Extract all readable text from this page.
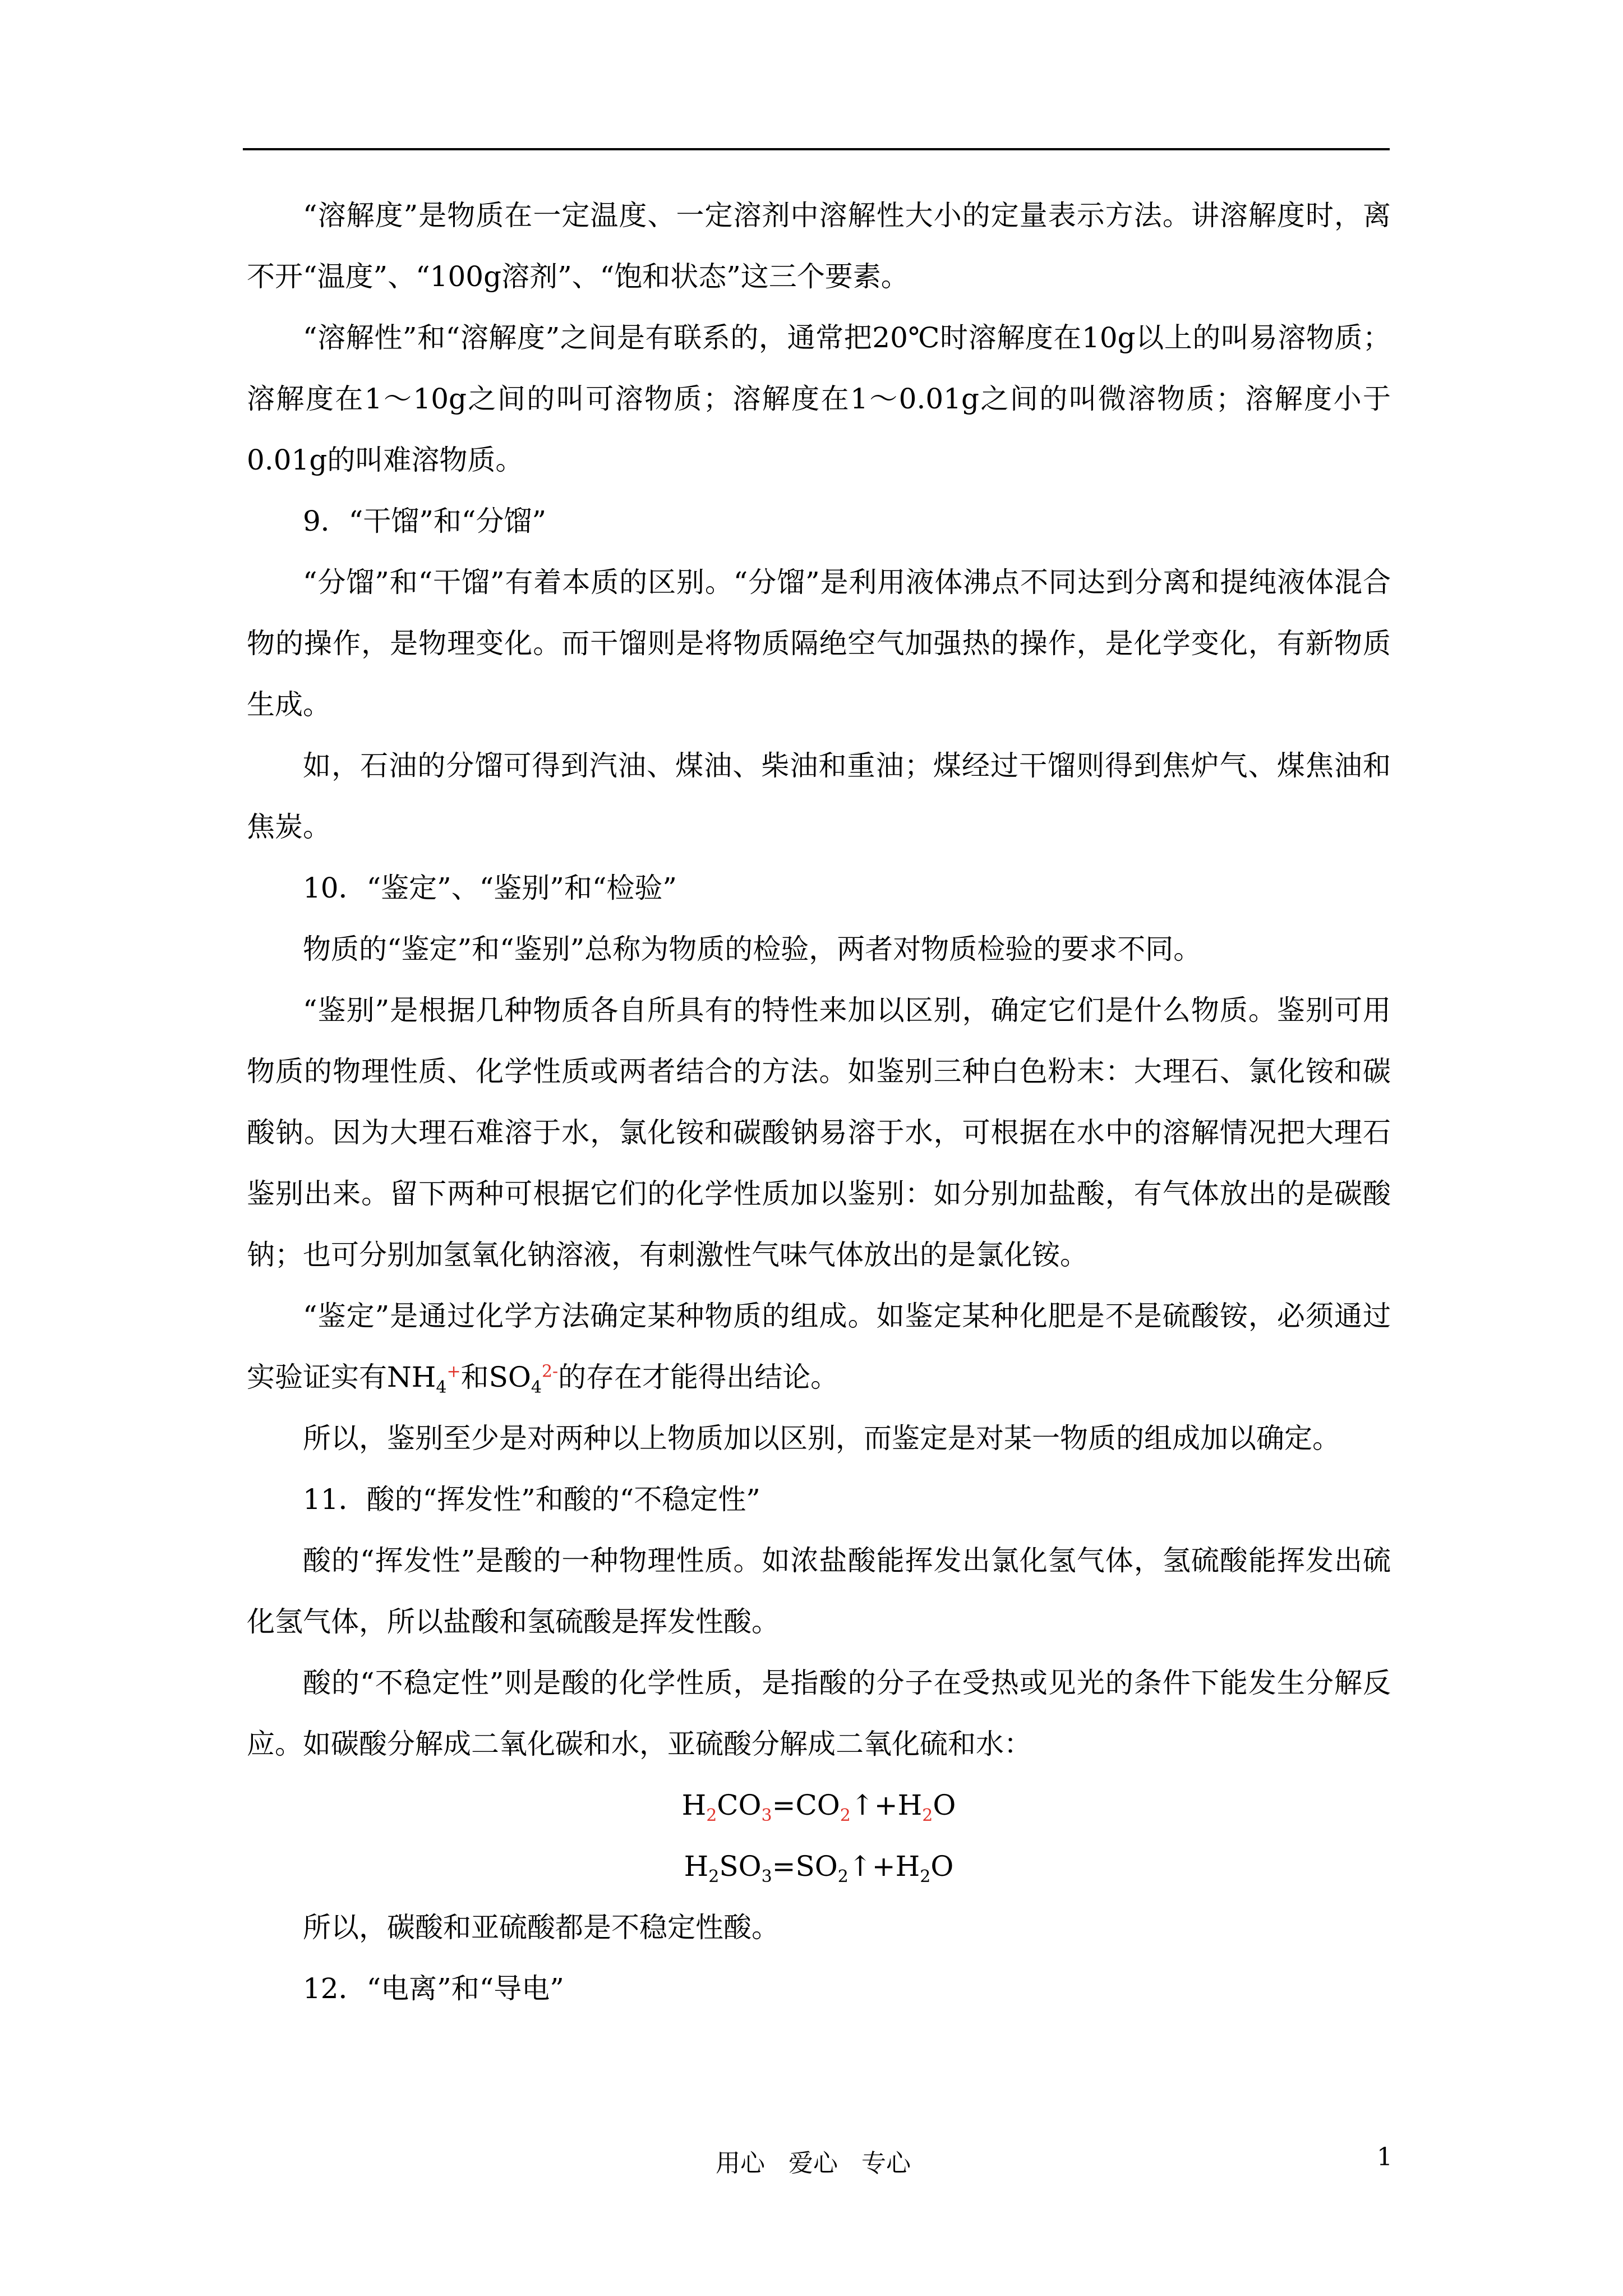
“溶解度”是物质在一定温度、一定溶剂中溶解性大小的定量表示方法。讲溶解度时，离不开“温度”、“100g溶剂”、“饱和状态”这三个要素。

“溶解性”和“溶解度”之间是有联系的，通常把20℃时溶解度在10g以上的叫易溶物质；溶解度在1～10g之间的叫可溶物质；溶解度在1～0.01g之间的叫微溶物质；溶解度小于0.01g的叫难溶物质。

9．“干馏”和“分馏”

“分馏”和“干馏”有着本质的区别。“分馏”是利用液体沸点不同达到分离和提纯液体混合物的操作，是物理变化。而干馏则是将物质隔绝空气加强热的操作，是化学变化，有新物质生成。

如，石油的分馏可得到汽油、煤油、柴油和重油；煤经过干馏则得到焦炉气、煤焦油和焦炭。

10．“鉴定”、“鉴别”和“检验”

物质的“鉴定”和“鉴别”总称为物质的检验，两者对物质检验的要求不同。

“鉴别”是根据几种物质各自所具有的特性来加以区别，确定它们是什么物质。鉴别可用物质的物理性质、化学性质或两者结合的方法。如鉴别三种白色粉末：大理石、氯化铵和碳酸钠。因为大理石难溶于水，氯化铵和碳酸钠易溶于水，可根据在水中的溶解情况把大理石鉴别出来。留下两种可根据它们的化学性质加以鉴别：如分别加盐酸，有气体放出的是碳酸钠；也可分别加氢氧化钠溶液，有刺激性气味气体放出的是氯化铵。

“鉴定”是通过化学方法确定某种物质的组成。如鉴定某种化肥是不是硫酸铵，必须通过实验证实有$NH_4^+$和$SO_4^{2-}$的存在才能得出结论。

所以，鉴别至少是对两种以上物质加以区别，而鉴定是对某一物质的组成加以确定。

11．酸的“挥发性”和酸的“不稳定性”

酸的“挥发性”是酸的一种物理性质。如浓盐酸能挥发出氯化氢气体，氢硫酸能挥发出硫化氢气体，所以盐酸和氢硫酸是挥发性酸。

酸的“不稳定性”则是酸的化学性质，是指酸的分子在受热或见光的条件下能发生分解反应。如碳酸分解成二氧化碳和水，亚硫酸分解成二氧化硫和水：

$H_2CO_3=CO_2↑+H_2O$

$H_2SO_3=SO_2↑+H_2O$

所以，碳酸和亚硫酸都是不稳定性酸。

12．“电离”和“导电”

用心 爱心 专心	1
